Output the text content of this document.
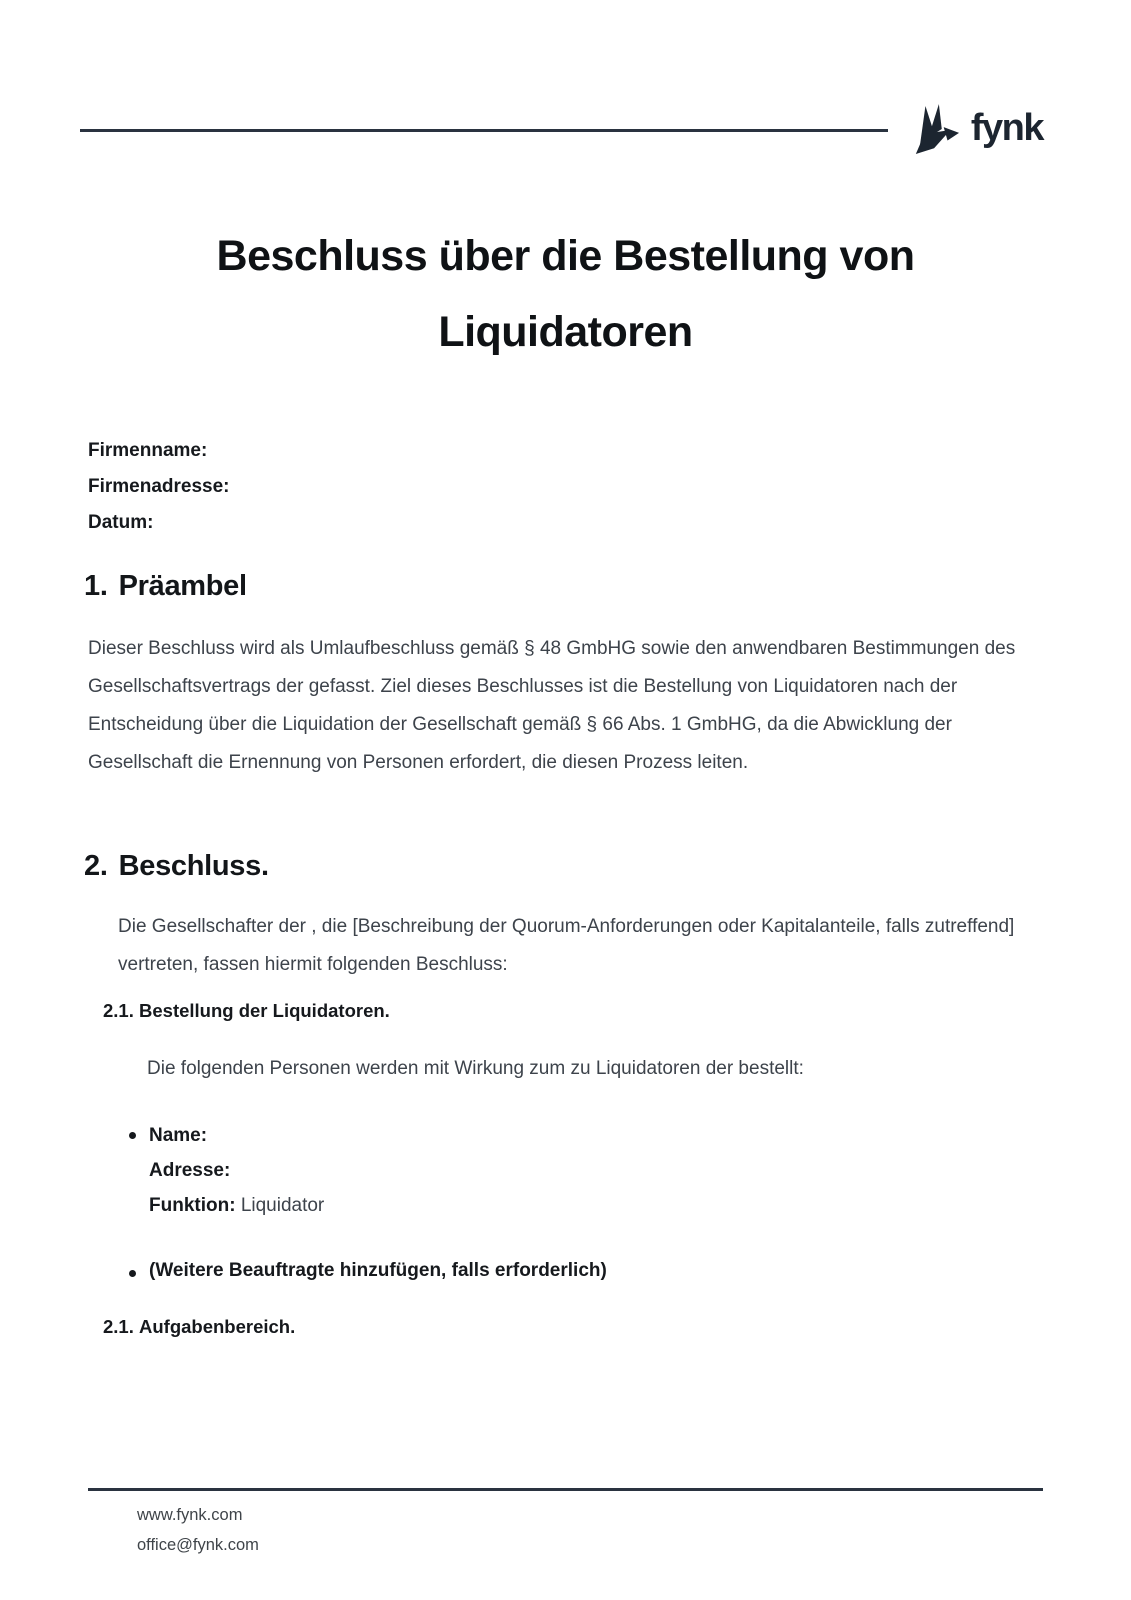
fynk
Beschluss über die Bestellung von
Liquidatoren
Firmenname:
Firmenadresse:
Datum:
1. Präambel

Dieser Beschluss wird als Umlaufbeschluss gemäß § 48 GmbHG sowie den anwendbaren Bestimmungen des Gesellschaftsvertrags der gefasst. Ziel dieses Beschlusses ist die Bestellung von Liquidatoren nach der Entscheidung über die Liquidation der Gesellschaft gemäß § 66 Abs. 1 GmbHG, da die Abwicklung der Gesellschaft die Ernennung von Personen erfordert, die diesen Prozess leiten.

2. Beschluss.

Die Gesellschafter der , die [Beschreibung der Quorum-Anforderungen oder Kapitalanteile, falls zutreffend] vertreten, fassen hiermit folgenden Beschluss:

2.1. Bestellung der Liquidatoren.

Die folgenden Personen werden mit Wirkung zum zu Liquidatoren der bestellt:

Name:
Adresse:
Funktion: Liquidator
(Weitere Beauftragte hinzufügen, falls erforderlich)
2.1. Aufgabenbereich.
www.fynk.com
office@fynk.com
